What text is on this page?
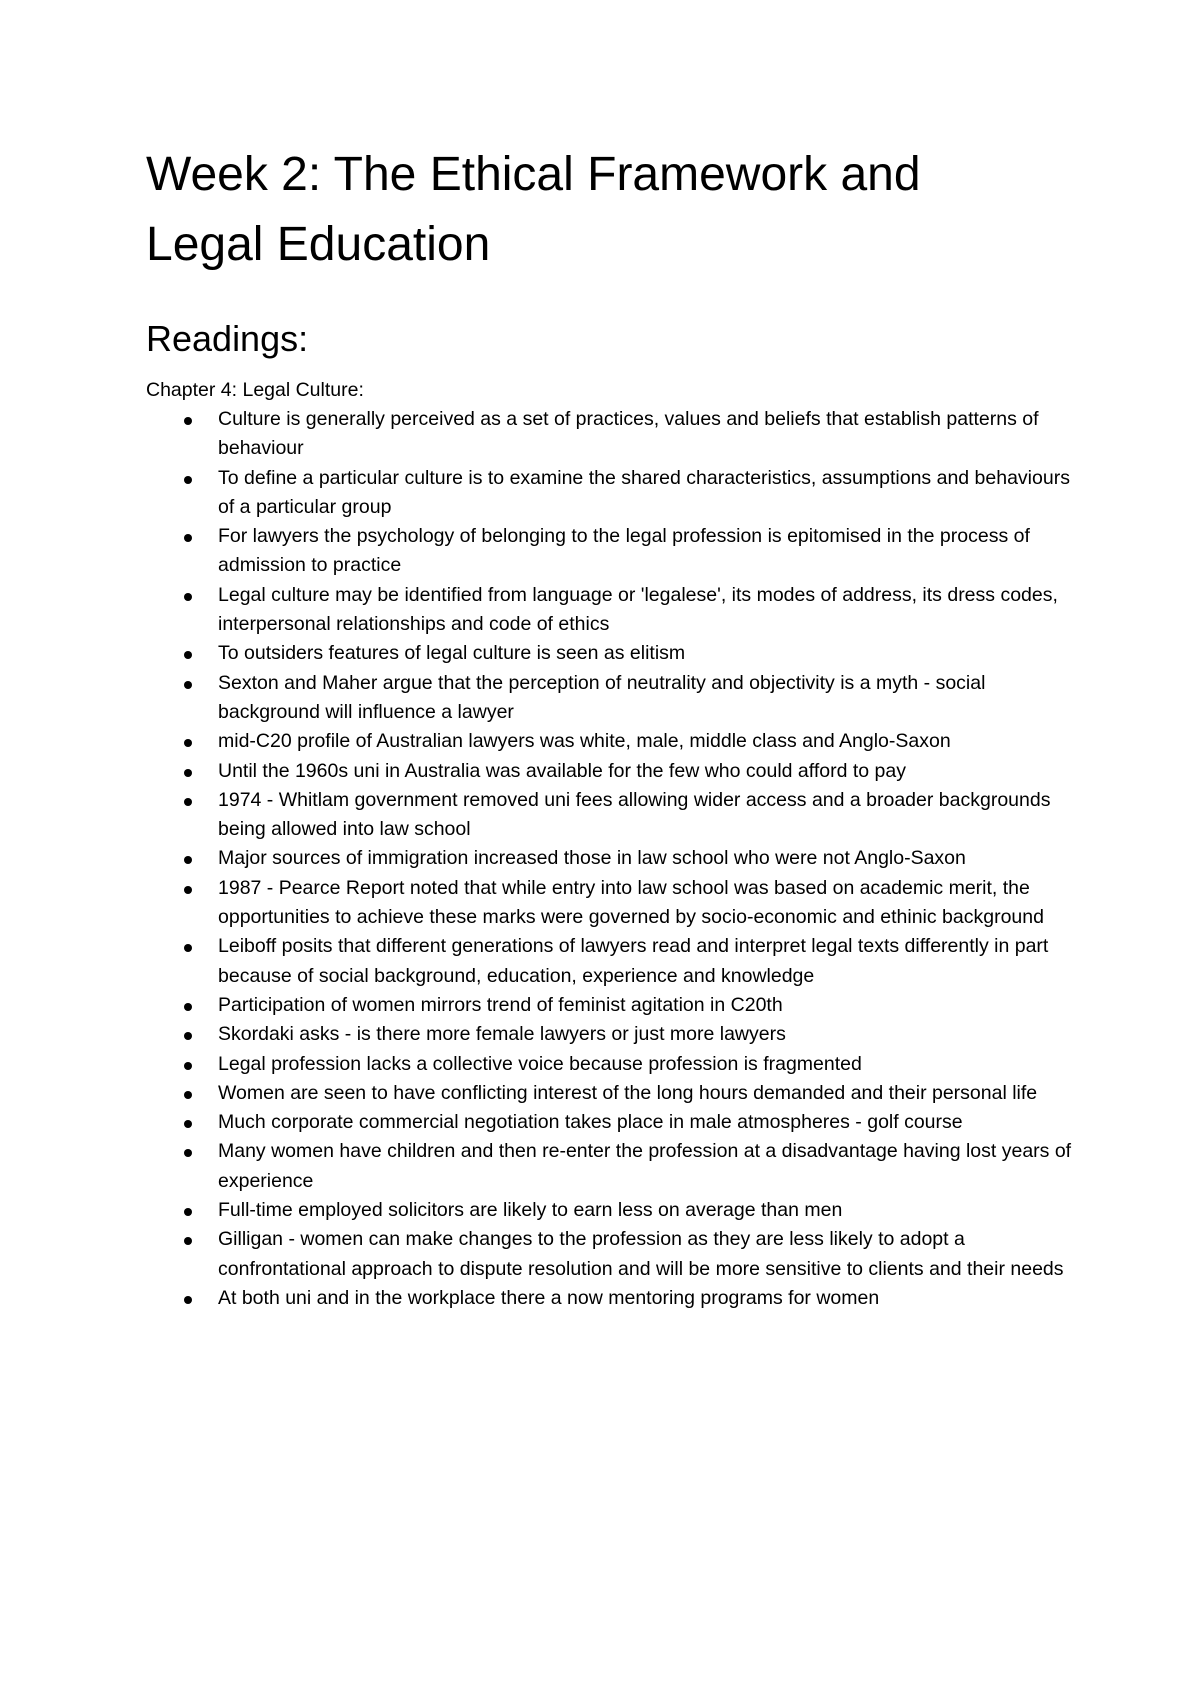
Week 2: The Ethical Framework and
Legal Education
Readings:
Chapter 4: Legal Culture:
Culture is generally perceived as a set of practices, values and beliefs that establish patterns of behaviour
To define a particular culture is to examine the shared characteristics, assumptions and behaviours of a particular group
For lawyers the psychology of belonging to the legal profession is epitomised in the process of admission to practice
Legal culture may be identified from language or 'legalese', its modes of address, its dress codes, interpersonal relationships and code of ethics
To outsiders features of legal culture is seen as elitism
Sexton and Maher argue that the perception of neutrality and objectivity is a myth - social background will influence a lawyer
mid-C20 profile of Australian lawyers was white, male, middle class and Anglo-Saxon
Until the 1960s uni in Australia was available for the few who could afford to pay
1974 - Whitlam government removed uni fees allowing wider access and a broader backgrounds being allowed into law school
Major sources of immigration increased those in law school who were not Anglo-Saxon
1987 - Pearce Report noted that while entry into law school was based on academic merit, the opportunities to achieve these marks were governed by socio-economic and ethinic background
Leiboff posits that different generations of lawyers read and interpret legal texts differently in part because of social background, education, experience and knowledge
Participation of women mirrors trend of feminist agitation in C20th
Skordaki asks - is there more female lawyers or just more lawyers
Legal profession lacks a collective voice because profession is fragmented
Women are seen to have conflicting interest of the long hours demanded and their personal life
Much corporate commercial negotiation takes place in male atmospheres - golf course
Many women have children and then re-enter the profession at a disadvantage having lost years of experience
Full-time employed solicitors are likely to earn less on average than men
Gilligan - women can make changes to the profession as they are less likely to adopt a confrontational approach to dispute resolution and will be more sensitive to clients and their needs
At both uni and in the workplace there a now mentoring programs for women
